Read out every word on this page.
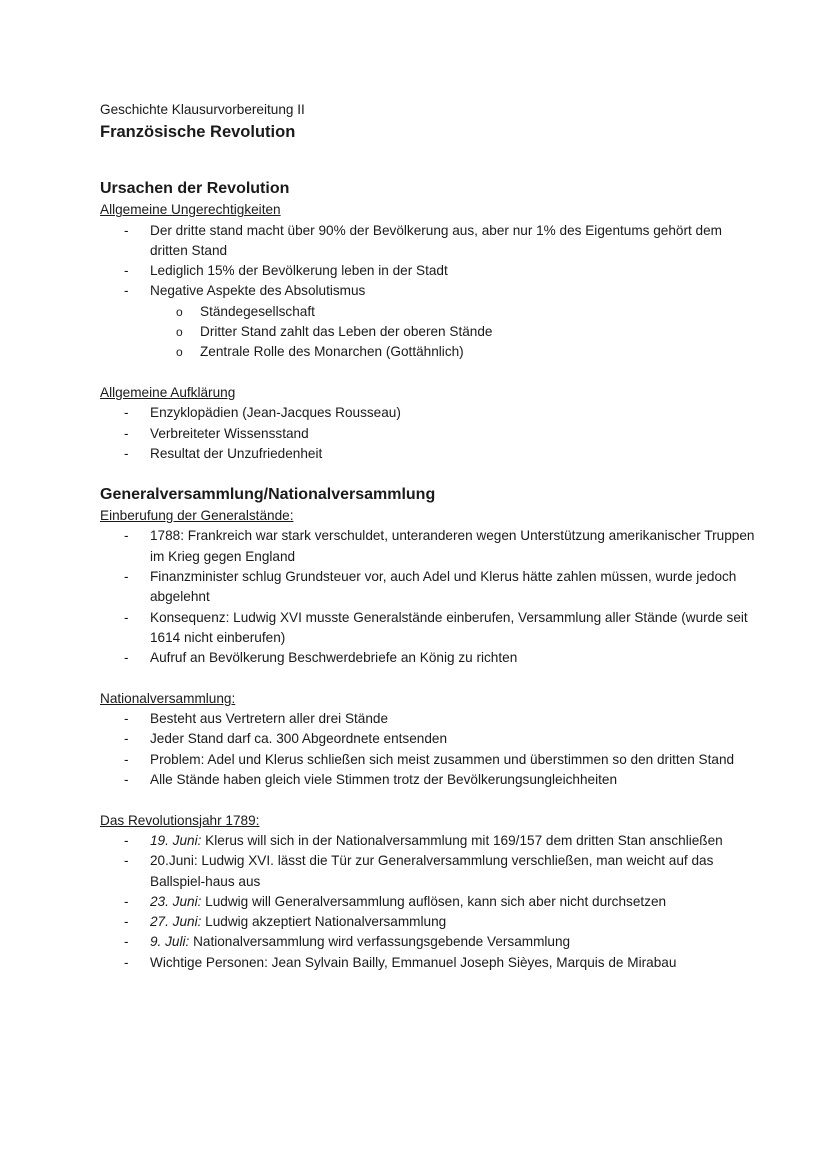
Geschichte Klausurvorbereitung II
Französische Revolution
Ursachen der Revolution
Allgemeine Ungerechtigkeiten
- Der dritte stand macht über 90% der Bevölkerung aus, aber nur 1% des Eigentums gehört dem dritten Stand
- Lediglich 15% der Bevölkerung leben in der Stadt
- Negative Aspekte des Absolutismus
o Ständegesellschaft
o Dritter Stand zahlt das Leben der oberen Stände
o Zentrale Rolle des Monarchen (Gottähnlich)
Allgemeine Aufklärung
- Enzyklopädien (Jean-Jacques Rousseau)
- Verbreiteter Wissensstand
- Resultat der Unzufriedenheit
Generalversammlung/Nationalversammlung
Einberufung der Generalstände:
- 1788: Frankreich war stark verschuldet, unteranderen wegen Unterstützung amerikanischer Truppen im Krieg gegen England
- Finanzminister schlug Grundsteuer vor, auch Adel und Klerus hätte zahlen müssen, wurde jedoch abgelehnt
- Konsequenz: Ludwig XVI musste Generalstände einberufen, Versammlung aller Stände (wurde seit 1614 nicht einberufen)
- Aufruf an Bevölkerung Beschwerdebriefe an König zu richten
Nationalversammlung:
- Besteht aus Vertretern aller drei Stände
- Jeder Stand darf ca. 300 Abgeordnete entsenden
- Problem: Adel und Klerus schließen sich meist zusammen und überstimmen so den dritten Stand
- Alle Stände haben gleich viele Stimmen trotz der Bevölkerungsungleichheiten
Das Revolutionsjahr 1789:
- 19. Juni: Klerus will sich in der Nationalversammlung mit 169/157 dem dritten Stan anschließen
- 20.Juni: Ludwig XVI. lässt die Tür zur Generalversammlung verschließen, man weicht auf das Ballspiel-haus aus
- 23. Juni: Ludwig will Generalversammlung auflösen, kann sich aber nicht durchsetzen
- 27. Juni: Ludwig akzeptiert Nationalversammlung
- 9. Juli: Nationalversammlung wird verfassungsgebende Versammlung
- Wichtige Personen: Jean Sylvain Bailly, Emmanuel Joseph Sièyes, Marquis de Mirabau
